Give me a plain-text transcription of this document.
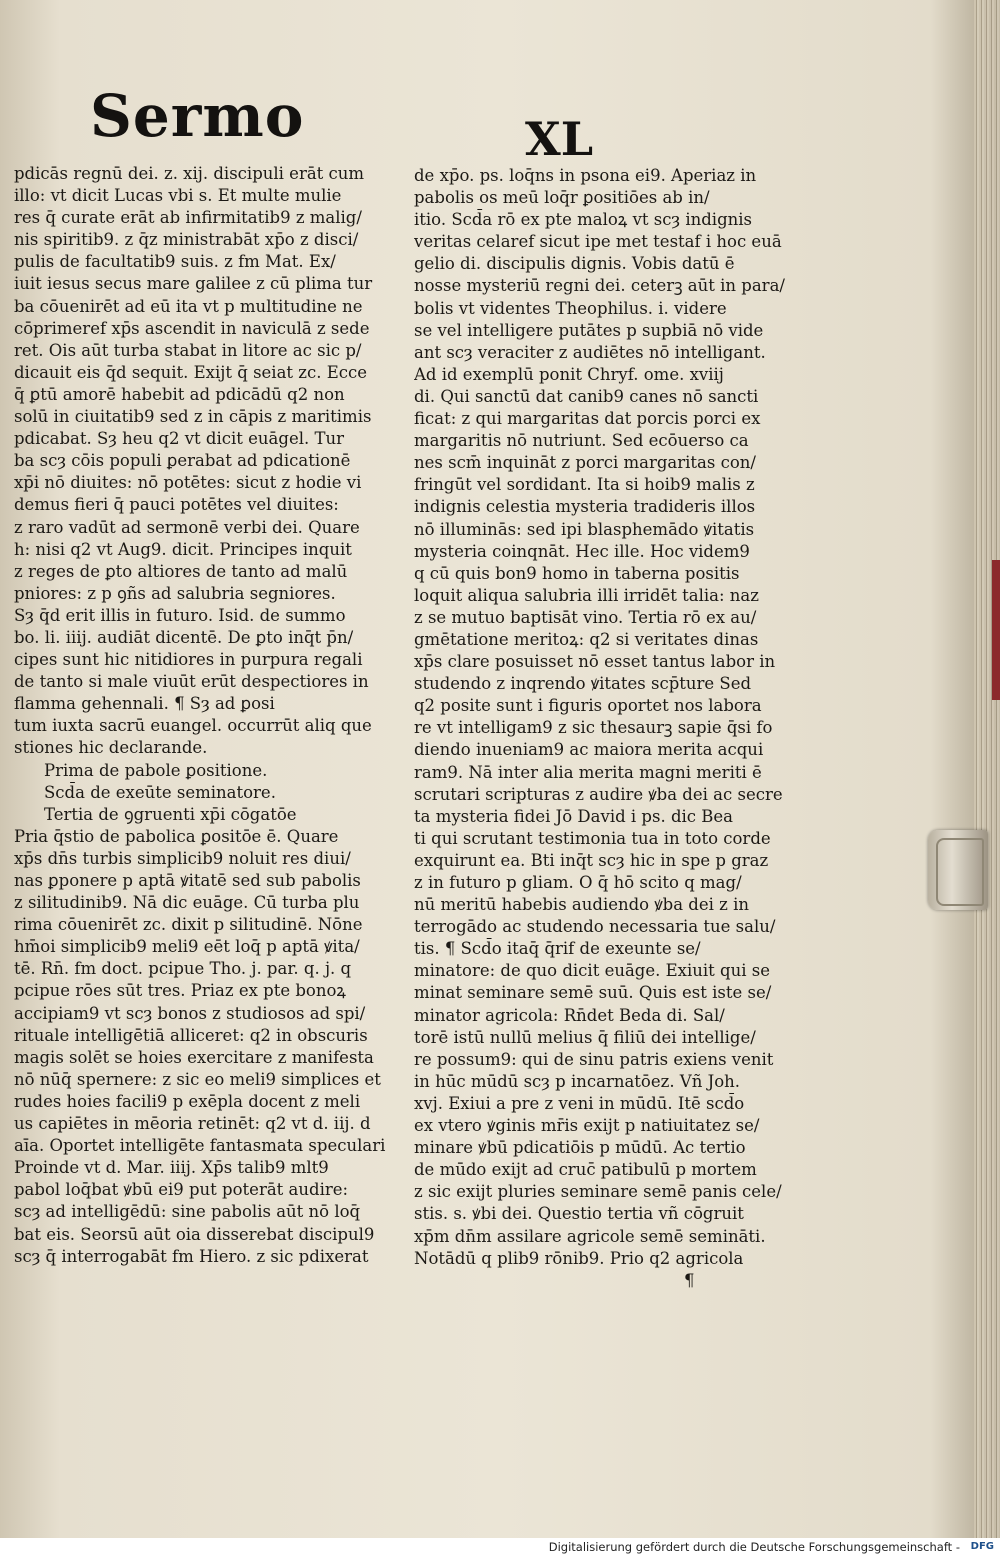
Sermo	XL
pdicās regnū dei. z. xij. discipuli erāt cum
illo: vt dicit Lucas vbi s. Et multe mulie
res q̄ curate erāt ab infirmitatib9 z malig/
nis spiritib9. z q̄z ministrabāt xp̄o z disci/
pulis de facultatib9 suis. z fm Mat. Ex/
iuit iesus secus mare galilee z cū plima tur
ba cōuenirēt ad eū ita vt p multitudine ne
cōprimeref xp̄s ascendit in naviculā z sede
ret. Ois aūt turba stabat in litore ac sic p/
dicauit eis q̄d sequit. Exijt q̄ seiat zc. Ecce
q̄ ꝑtū amorē habebit ad pdicādū q2 non
solū in ciuitatib9 sed z in cāpis z maritimis
pdicabat. Sȝ heu q2 vt dicit euāgel. Tur
ba scȝ cōis populi ꝑerabat ad pdicationē
xp̄i nō diuites: nō potētes: sicut z hodie vi
demus fieri q̄ pauci potētes vel diuites:
z raro vadūt ad sermonē verbi dei. Quare
h: nisi q2 vt Aug9. dicit. Principes inquit
z reges de ꝑto altiores de tanto ad malū
pniores: z p ꝯñs ad salubria segniores.
Sȝ q̄d erit illis in futuro. Isid. de summo
bo. li. iiij. audiāt dicentē. De ꝑto inq̄t p̄n/
cipes sunt hic nitidiores in purpura regali
de tanto si male viuūt erūt despectiores in
flamma gehennali. ¶ Sȝ ad ꝑosi
tum iuxta sacrū euangel. occurrūt aliq que
stiones hic declarande.
Prima de pabole ꝑositione.
Scd̄a de exeūte seminatore.
Tertia de ꝯgruenti xp̄i cōgatōe
Pria q̄stio de pabolica ꝑositōe ē. Quare
xp̄s dn̄s turbis simplicib9 noluit res diui/
nas ꝑponere p aptā ꝟitatē sed sub pabolis
z silitudinib9. Nā dic euāge. Cū turba plu
rima cōuenirēt zc. dixit p silitudinē. Nōne
hm̄oi simplicib9 meli9 eēt loq̄ p aptā ꝟita/
tē. Rn̄. fm doct. pcipue Tho. j. par. q. j. q
pcipue rōes sūt tres. Priaz ex pte bonoꝝ
accipiam9 vt scȝ bonos z studiosos ad spi/
rituale intelligētiā alliceret: q2 in obscuris
magis solēt se hoies exercitare z manifesta
nō nūq̄ spernere: z sic eo meli9 simplices et
rudes hoies facili9 p exēpla docent z meli
us capiētes in mēoria retinēt: q2 vt d. iij. d
aīa. Oportet intelligēte fantasmata speculari
Proinde vt d. Mar. iiij. Xp̄s talib9 mlt9
pabol loq̄bat ꝟbū ei9 put poterāt audire:
scȝ ad intelligēdū: sine pabolis aūt nō loq̄
bat eis. Seorsū aūt oia disserebat discipul9
scȝ q̄ interrogabāt fm Hiero. z sic pdixerat
de xp̄o. ps. loq̄ns in psona ei9. Aperiaz in
pabolis os meū loq̄r ꝑositiōes ab in/
itio. Scd̄a rō ex pte maloꝝ vt scȝ indignis
veritas celaref sicut ipe met testaf i hoc euā
gelio di. discipulis dignis. Vobis datū ē
nosse mysteriū regni dei. ceterꝫ aūt in para/
bolis vt videntes Theophilus. i. videre
se vel intelligere putātes p supbiā nō vide
ant scȝ veraciter z audiētes nō intelligant.
Ad id exemplū ponit Chryf. ome. xviij
di. Qui sanctū dat canib9 canes nō sancti
ficat: z qui margaritas dat porcis porci ex
margaritis nō nutriunt. Sed ecōuerso ca
nes scm̄ inquināt z porci margaritas con/
fringūt vel sordidant. Ita si hoib9 malis z
indignis celestia mysteria tradideris illos
nō illuminās: sed ipi blasphemādo ꝟitatis
mysteria coinqnāt. Hec ille. Hoc videm9
q cū quis bon9 homo in taberna positis
loquit aliqua salubria illi irridēt talia: naz
z se mutuo baptisāt vino. Tertia rō ex au/
gmētatione meritoꝝ: q2 si veritates dinas
xp̄s clare posuisset nō esset tantus labor in
studendo z inqrendo ꝟitates scp̄ture Sed
q2 posite sunt i figuris oportet nos labora
re vt intelligam9 z sic thesaurꝫ sapie q̄si fo
diendo inueniam9 ac maiora merita acqui
ram9. Nā inter alia merita magni meriti ē
scrutari scripturas z audire ꝟba dei ac secre
ta mysteria fidei Jō David i ps. dic Bea
ti qui scrutant testimonia tua in toto corde
exquirunt ea. Bti inq̄t scȝ hic in spe p graz
z in futuro p gliam. O q̄ hō scito q mag/
nū meritū habebis audiendo ꝟba dei z in
terrogādo ac studendo necessaria tue salu/
tis. ¶ Scd̄o itaq̄ q̄rif de exeunte se/
minatore: de quo dicit euāge. Exiuit qui se
minat seminare semē suū. Quis est iste se/
minator agricola: Rn̄det Beda di. Sal/
torē istū nullū melius q̄ filiū dei intellige/
re possum9: qui de sinu patris exiens venit
in hūc mūdū scȝ p incarnatōez. Vñ Joh.
xvj. Exiui a pre z veni in mūdū. Itē scd̄o
ex vtero ꝟginis mr̄is exijt p natiuitatez se/
minare ꝟbū pdicatiōis p mūdū. Ac tertio
de mūdo exijt ad cruc̄ patibulū p mortem
z sic exijt pluries seminare semē panis cele/
stis. s. ꝟbi dei. Questio tertia vñ cōgruit
xp̄m dn̄m assilare agricole semē semināti.
Notādū q plib9 rōnib9. Prio q2 agricola
¶
Digitalisierung gefördert durch die Deutsche Forschungsgemeinschaft - DFG
